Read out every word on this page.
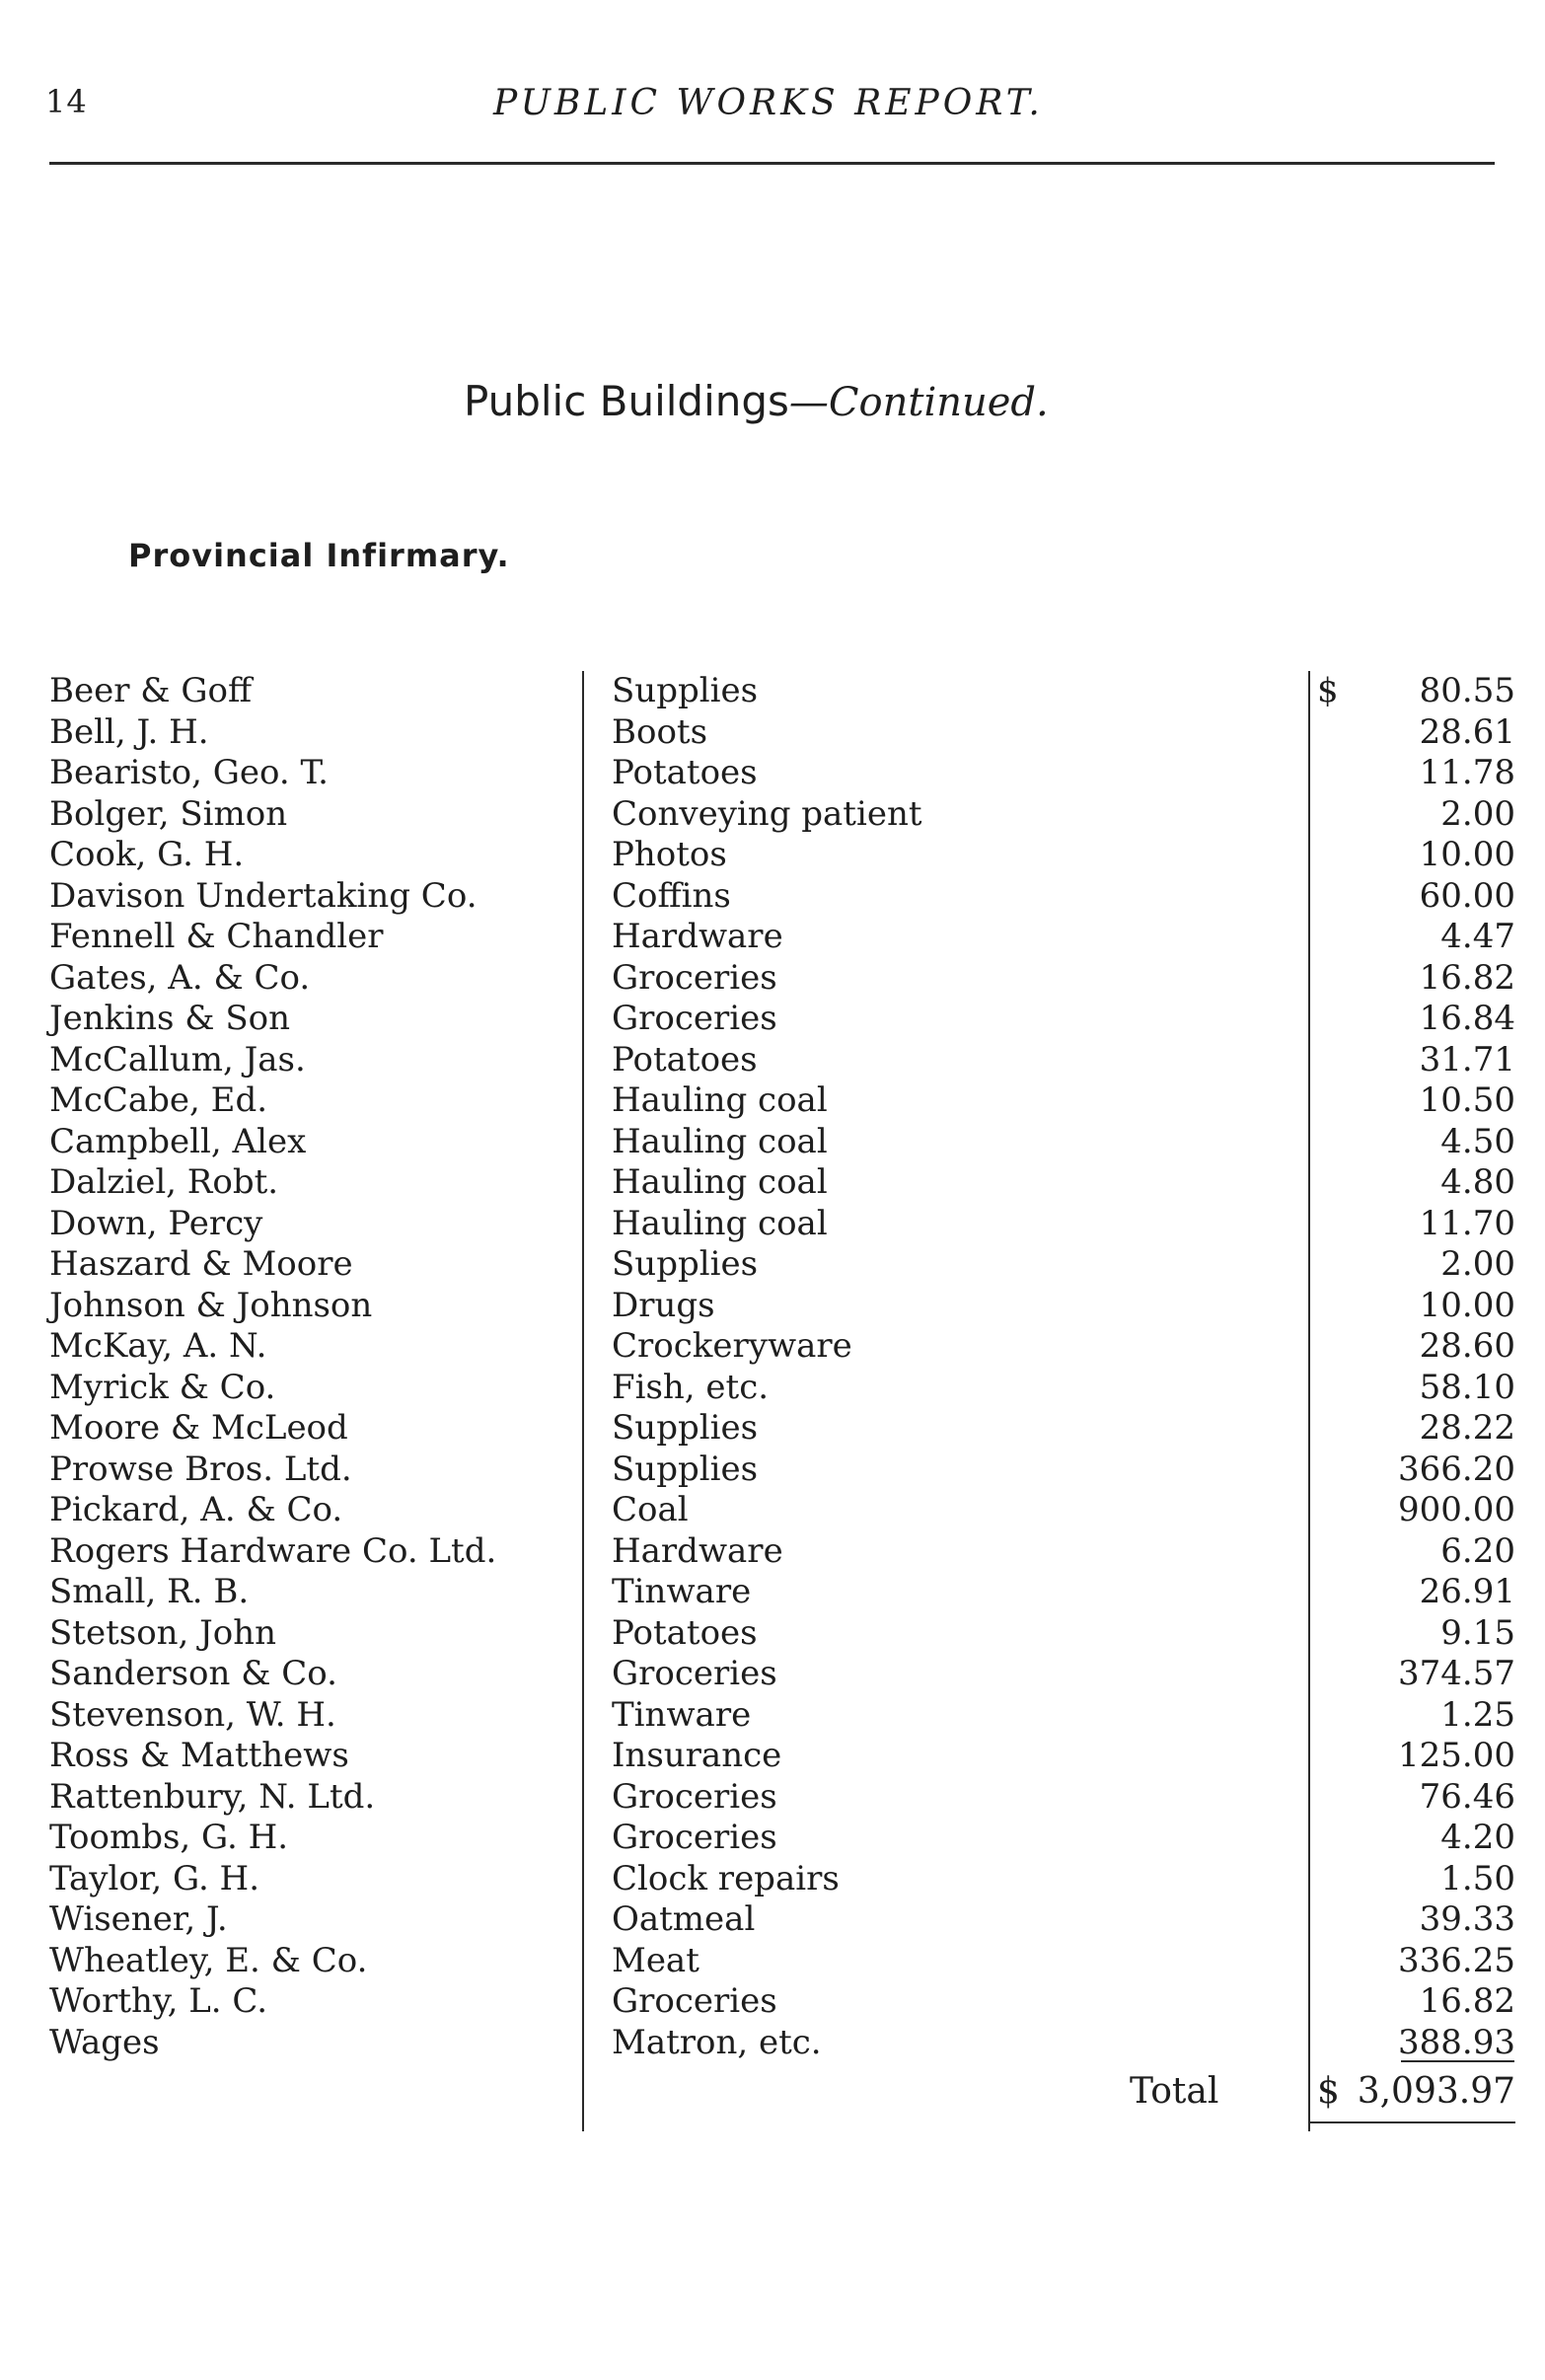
14	PUBLIC WORKS REPORT.
Public Buildings—Continued.
Provincial Infirmary.
Beer & Goff	Supplies	$ 80.55
Bell, J. H.	Boots	28.61
Bearisto, Geo. T.	Potatoes	11.78
Bolger, Simon	Conveying patient	2.00
Cook, G. H.	Photos	10.00
Davison Undertaking Co.	Coffins	60.00
Fennell & Chandler	Hardware	4.47
Gates, A. & Co.	Groceries	16.82
Jenkins & Son	Groceries	16.84
McCallum, Jas.	Potatoes	31.71
McCabe, Ed.	Hauling coal	10.50
Campbell, Alex	Hauling coal	4.50
Dalziel, Robt.	Hauling coal	4.80
Down, Percy	Hauling coal	11.70
Haszard & Moore	Supplies	2.00
Johnson & Johnson	Drugs	10.00
McKay, A. N.	Crockeryware	28.60
Myrick & Co.	Fish, etc.	58.10
Moore & McLeod	Supplies	28.22
Prowse Bros. Ltd.	Supplies	366.20
Pickard, A. & Co.	Coal	900.00
Rogers Hardware Co. Ltd.	Hardware	6.20
Small, R. B.	Tinware	26.91
Stetson, John	Potatoes	9.15
Sanderson & Co.	Groceries	374.57
Stevenson, W. H.	Tinware	1.25
Ross & Matthews	Insurance	125.00
Rattenbury, N. Ltd.	Groceries	76.46
Toombs, G. H.	Groceries	4.20
Taylor, G. H.	Clock repairs	1.50
Wisener, J.	Oatmeal	39.33
Wheatley, E. & Co.	Meat	336.25
Worthy, L. C.	Groceries	16.82
Wages	Matron, etc.	388.93
Total	$ 3,093.97
